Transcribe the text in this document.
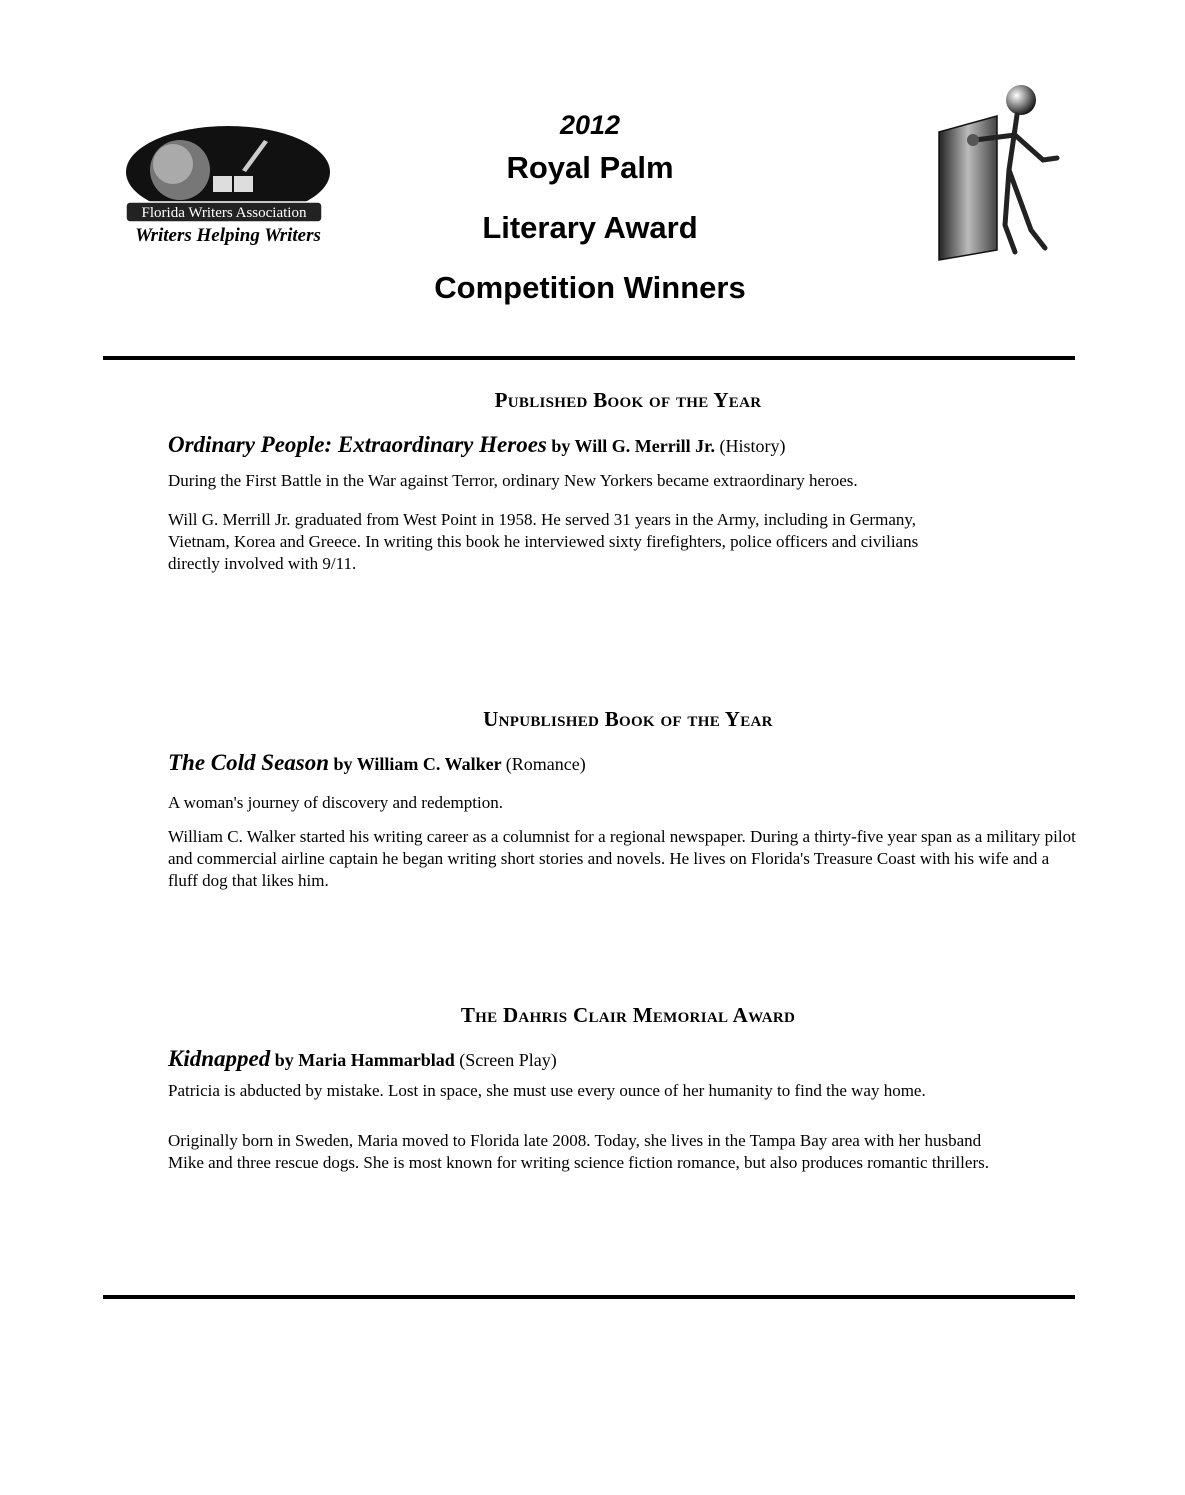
Florida Writers Association
Writers Helping Writers
2012
Royal Palm
Literary Award
Competition Winners
Published Book of the Year

Ordinary People: Extraordinary Heroes by Will G. Merrill Jr. (History)

During the First Battle in the War against Terror, ordinary New Yorkers became extraordinary heroes.

Will G. Merrill Jr. graduated from West Point in 1958. He served 31 years in the Army, including in Germany, Vietnam, Korea and Greece. In writing this book he interviewed sixty firefighters, police officers and civilians directly involved with 9/11.

Unpublished Book of the Year

The Cold Season by William C. Walker (Romance)

A woman's journey of discovery and redemption.

William C. Walker started his writing career as a columnist for a regional newspaper. During a thirty-five year span as a military pilot and commercial airline captain he began writing short stories and novels. He lives on Florida's Treasure Coast with his wife and a fluff dog that likes him.

The Dahris Clair Memorial Award

Kidnapped by Maria Hammarblad (Screen Play)

Patricia is abducted by mistake. Lost in space, she must use every ounce of her humanity to find the way home.

Originally born in Sweden, Maria moved to Florida late 2008. Today, she lives in the Tampa Bay area with her husband Mike and three rescue dogs. She is most known for writing science fiction romance, but also produces romantic thrillers.
